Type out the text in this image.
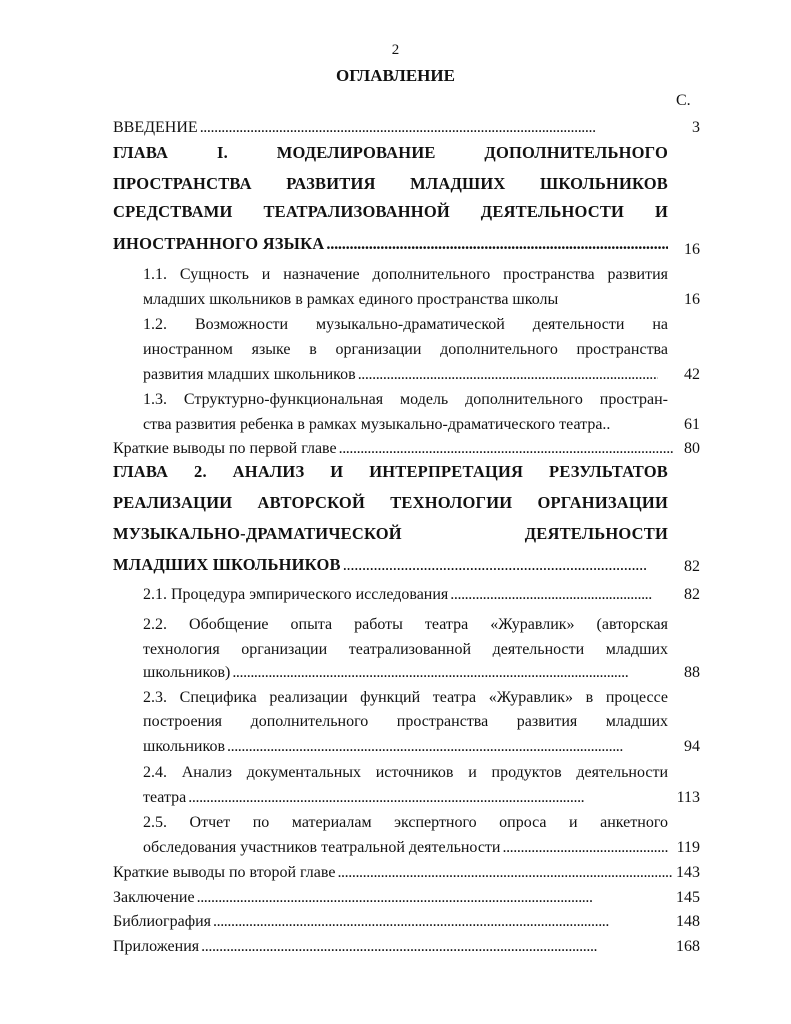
2
ОГЛАВЛЕНИЕ
С.
ВВЕДЕНИЕ . . .	3
ГЛАВА I. МОДЕЛИРОВАНИЕ ДОПОЛНИТЕЛЬНОГО
ПРОСТРАНСТВА РАЗВИТИЯ МЛАДШИХ ШКОЛЬНИКОВ
СРЕДСТВАМИ ТЕАТРАЛИЗОВАННОЙ ДЕЯТЕЛЬНОСТИ И
ИНОСТРАННОГО ЯЗЫКА . . .	16
1.1. Сущность и назначение дополнительного пространства развития
младших школьников в рамках единого пространства школы	16
1.2. Возможности музыкально-драматической деятельности на
иностранном языке в организации дополнительного пространства
развития младших школьников . . .	42
1.3. Структурно-функциональная модель дополнительного простран-
ства развития ребенка в рамках музыкально-драматического театра..	61
Краткие выводы по первой главе . . .	80
ГЛАВА 2. АНАЛИЗ И ИНТЕРПРЕТАЦИЯ РЕЗУЛЬТАТОВ
РЕАЛИЗАЦИИ АВТОРСКОЙ ТЕХНОЛОГИИ ОРГАНИЗАЦИИ
МУЗЫКАЛЬНО-ДРАМАТИЧЕСКОЙ ДЕЯТЕЛЬНОСТИ
МЛАДШИХ ШКОЛЬНИКОВ . . .	82
2.1. Процедура эмпирического исследования . . .	82
2.2. Обобщение опыта работы театра «Журавлик» (авторская
технология организации театрализованной деятельности младших
школьников) . . .	88
2.3. Специфика реализации функций театра «Журавлик» в процессе
построения дополнительного пространства развития младших
школьников . . .	94
2.4. Анализ документальных источников и продуктов деятельности
театра . . .	113
2.5. Отчет по материалам экспертного опроса и анкетного
обследования участников театральной деятельности . . .	119
Краткие выводы по второй главе . . .	143
Заключение . . .	145
Библиография . . .	148
Приложения . . .	168
